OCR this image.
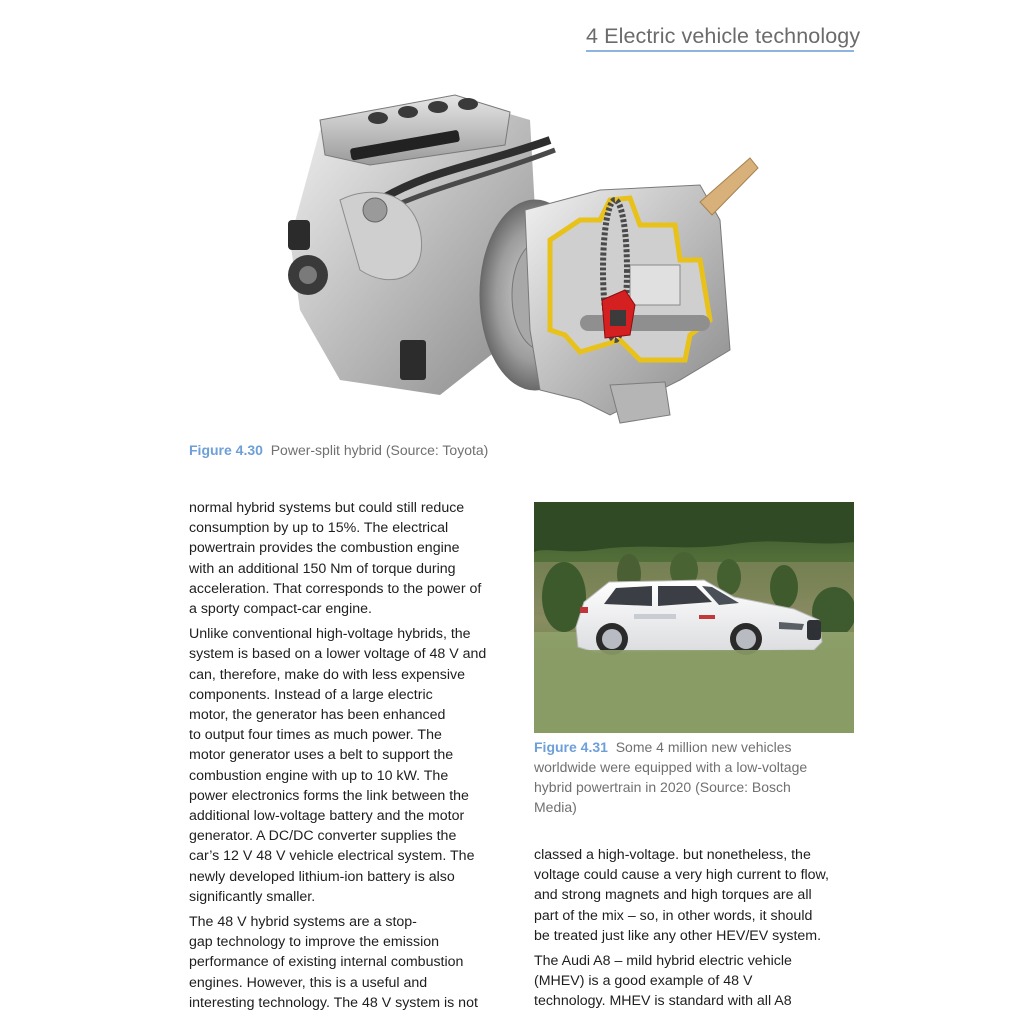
4 Electric vehicle technology
Figure 4.30 Power-split hybrid (Source: Toyota)

normal hybrid systems but could still reduce
consumption by up to 15%. The electrical
powertrain provides the combustion engine
with an additional 150 Nm of torque during
acceleration. That corresponds to the power of
a sporty compact-car engine.

Unlike conventional high-voltage hybrids, the
system is based on a lower voltage of 48 V and
can, therefore, make do with less expensive
components. Instead of a large electric
motor, the generator has been enhanced
to output four times as much power. The
motor generator uses a belt to support the
combustion engine with up to 10 kW. The
power electronics forms the link between the
additional low-voltage battery and the motor
generator. A DC/DC converter supplies the
car’s 12 V 48 V vehicle electrical system. The
newly developed lithium-ion battery is also
significantly smaller.

The 48 V hybrid systems are a stop-
gap technology to improve the emission
performance of existing internal combustion
engines. However, this is a useful and
interesting technology. The 48 V system is not

Figure 4.31 Some 4 million new vehicles
worldwide were equipped with a low-voltage
hybrid powertrain in 2020 (Source: Bosch
Media)

classed a high-voltage. but nonetheless, the
voltage could cause a very high current to flow,
and strong magnets and high torques are all
part of the mix – so, in other words, it should
be treated just like any other HEV/EV system.

The Audi A8 – mild hybrid electric vehicle
(MHEV) is a good example of 48 V
technology. MHEV is standard with all A8
